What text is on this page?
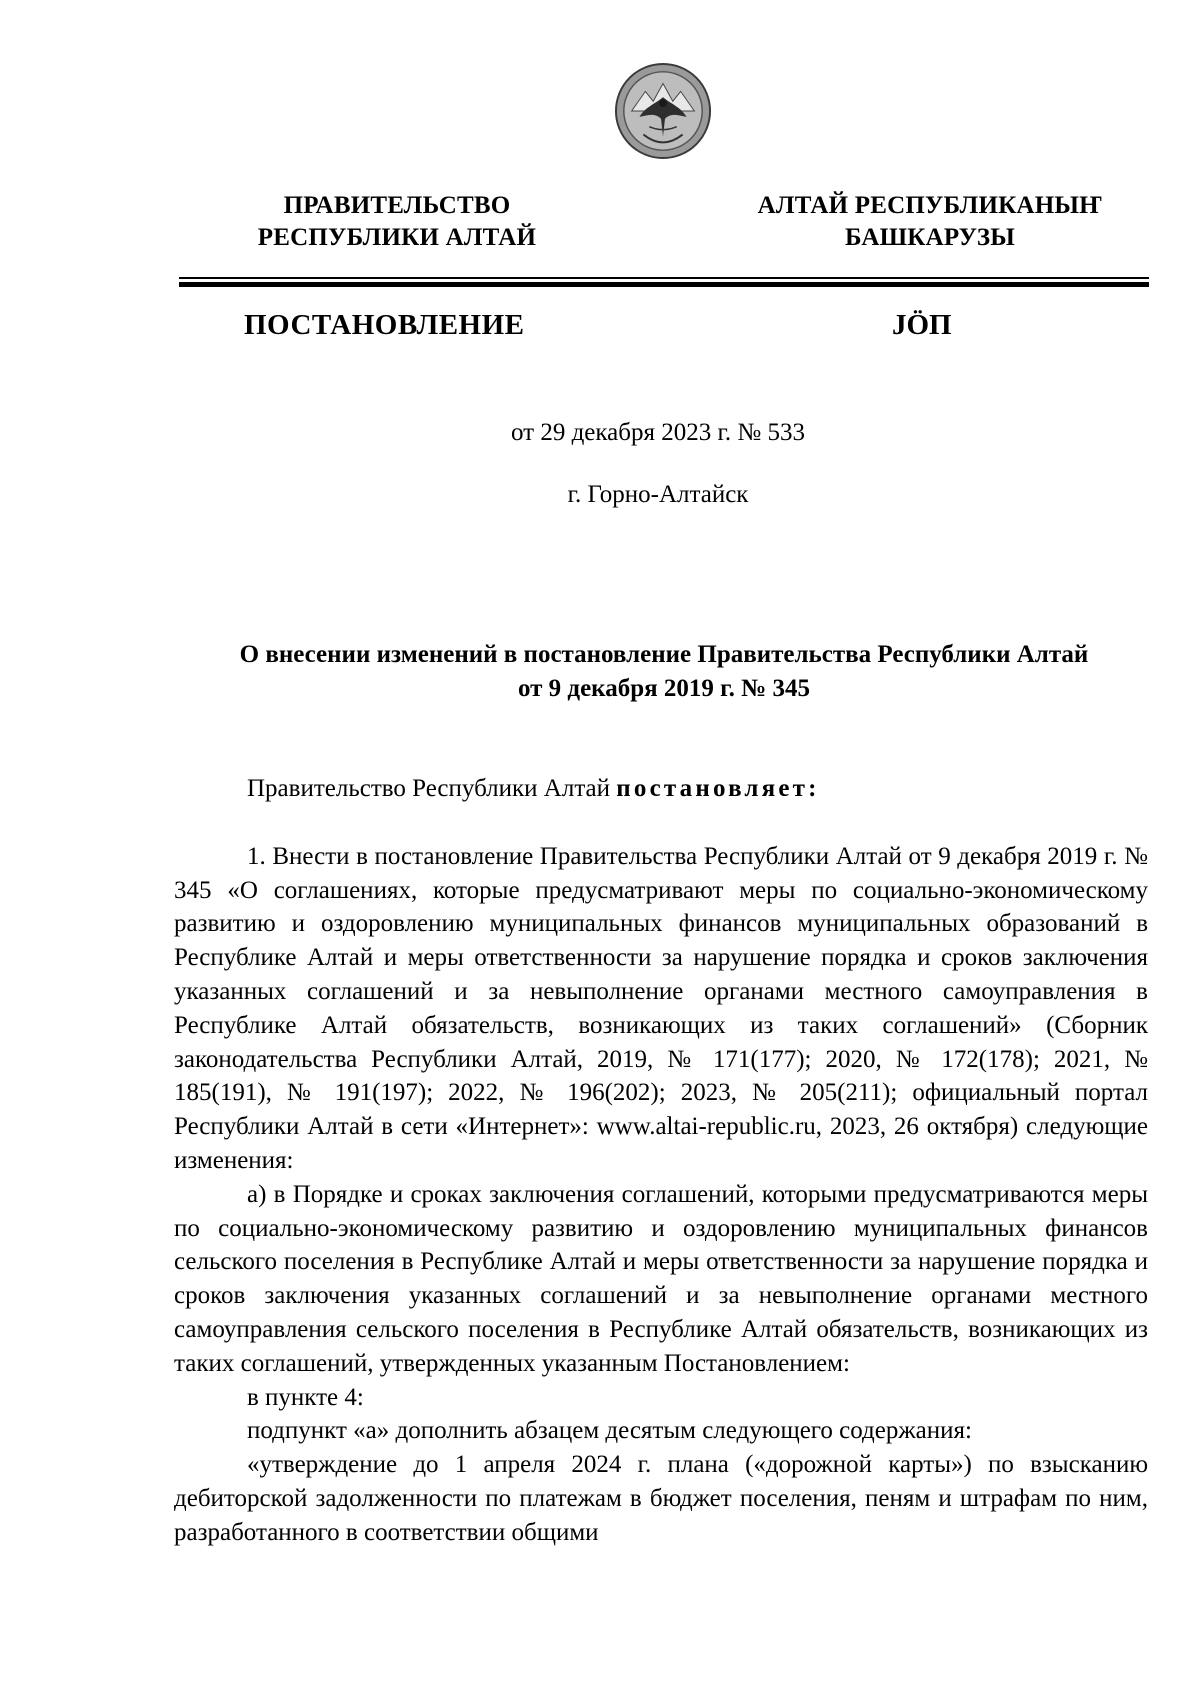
ПРАВИТЕЛЬСТВО
РЕСПУБЛИКИ АЛТАЙ
АЛТАЙ РЕСПУБЛИКАНЫҤ
БАШКАРУЗЫ
ПОСТАНОВЛЕНИЕ	JӦП
от 29 декабря 2023 г. № 533
г. Горно-Алтайск
О внесении изменений в постановление Правительства Республики Алтай
от 9 декабря 2019 г. № 345

Правительство Республики Алтай постановляет:

1. Внести в постановление Правительства Республики Алтай от 9 декабря 2019 г. № 345 «О соглашениях, которые предусматривают меры по социально-экономическому развитию и оздоровлению муниципальных финансов муниципальных образований в Республике Алтай и меры ответственности за нарушение порядка и сроков заключения указанных соглашений и за невыполнение органами местного самоуправления в Республике Алтай обязательств, возникающих из таких соглашений» (Сборник законодательства Республики Алтай, 2019, № 171(177); 2020, № 172(178); 2021, № 185(191), № 191(197); 2022, № 196(202); 2023, № 205(211); официальный портал Республики Алтай в сети «Интернет»: www.altai-republic.ru, 2023, 26 октября) следующие изменения:

а) в Порядке и сроках заключения соглашений, которыми предусматриваются меры по социально-экономическому развитию и оздоровлению муниципальных финансов сельского поселения в Республике Алтай и меры ответственности за нарушение порядка и сроков заключения указанных соглашений и за невыполнение органами местного самоуправления сельского поселения в Республике Алтай обязательств, возникающих из таких соглашений, утвержденных указанным Постановлением:

в пункте 4:

подпункт «а» дополнить абзацем десятым следующего содержания:

«утверждение до 1 апреля 2024 г. плана («дорожной карты») по взысканию дебиторской задолженности по платежам в бюджет поселения, пеням и штрафам по ним, разработанного в соответствии общими
